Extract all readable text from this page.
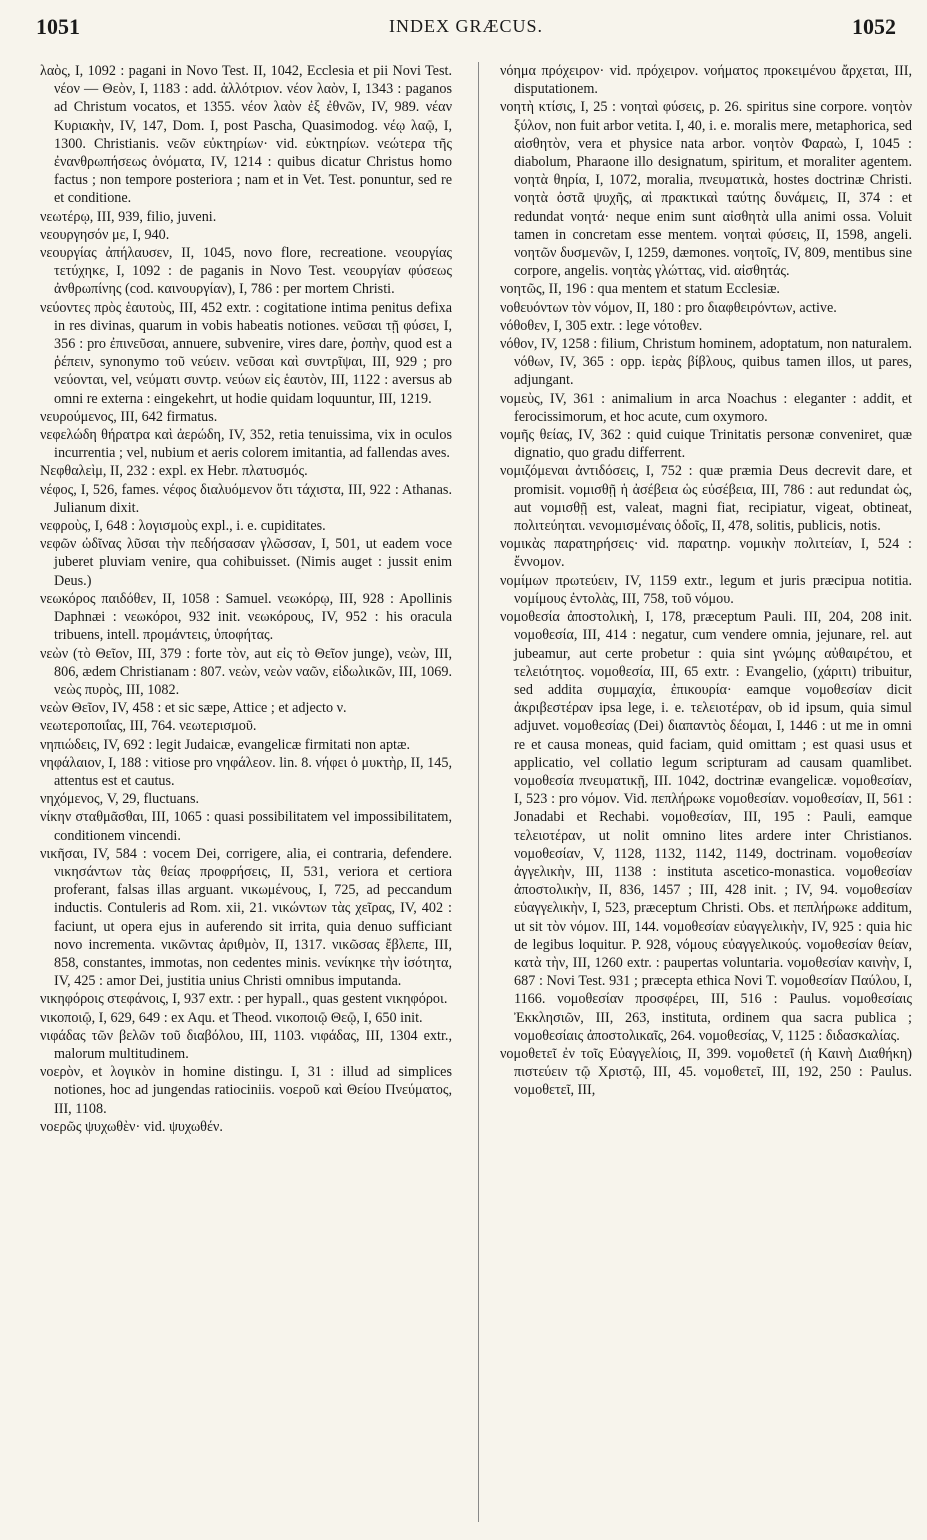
1051	INDEX GRÆCUS.	1052

λαὸς, I, 1092 : pagani in Novo Test. II, 1042, Ecclesia et pii Novi Test. νέον — Θεὸν, I, 1183 : add. ἀλλότριον. νέον λαὸν, I, 1343 : paganos ad Christum vocatos, et 1355. νέον λαὸν ἐξ ἐθνῶν, IV, 989. νέαν Κυριακὴν, IV, 147, Dom. I, post Pascha, Quasimodog. νέῳ λαῷ, I, 1300. Christianis. νεῶν εὐκτηρίων· vid. εὐκτηρίων. νεώτερα τῆς ἐνανθρωπήσεως ὀνόματα, IV, 1214 : quibus dicatur Christus homo factus ; non tempore posteriora ; nam et in Vet. Test. ponuntur, sed re et conditione.

νεωτέρῳ, III, 939, filio, juveni.

νεουργησόν με, I, 940.

νεουργίας ἀπήλαυσεν, II, 1045, novo flore, recreatione. νεουργίας τετύχηκε, I, 1092 : de paganis in Novo Test. νεουργίαν φύσεως ἀνθρωπίνης (cod. καινουργίαν), I, 786 : per mortem Christi.

νεύοντες πρὸς ἑαυτοὺς, III, 452 extr. : cogitatione intima penitus defixa in res divinas, quarum in vobis habeatis notiones. νεῦσαι τῇ φύσει, I, 356 : pro ἐπινεῦσαι, annuere, subvenire, vires dare, ῥοπὴν, quod est a ῥέπειν, synonymo τοῦ νεύειν. νεῦσαι καὶ συντρῖψαι, III, 929 ; pro νεύονται, vel, νεύματι συντρ. νεύων εἰς ἑαυτὸν, III, 1122 : aversus ab omni re externa : eingekehrt, ut hodie quidam loquuntur, III, 1219.

νευρούμενος, III, 642 firmatus.

νεφελώδη θήρατρα καὶ ἀερώδη, IV, 352, retia tenuissima, vix in oculos incurrentia ; vel, nubium et aeris colorem imitantia, ad fallendas aves.

Νεφθαλεὶμ, II, 232 : expl. ex Hebr. πλατυσμός.

νέφος, I, 526, fames. νέφος διαλυόμενον ὅτι τάχιστα, III, 922 : Athanas. Julianum dixit.

νεφροὺς, I, 648 : λογισμοὺς expl., i. e. cupiditates.

νεφῶν ὠδῖνας λῦσαι τὴν πεδήσασαν γλῶσσαν, I, 501, ut eadem voce juberet pluviam venire, qua cohibuisset. (Nimis auget : jussit enim Deus.)

νεωκόρος παιδόθεν, II, 1058 : Samuel. νεωκόρῳ, III, 928 : Apollinis Daphnæi : νεωκόροι, 932 init. νεωκόρους, IV, 952 : his oracula tribuens, intell. προμάντεις, ὑποφήτας.

νεὼν (τὸ Θεῖον, III, 379 : forte τὸν, aut εἰς τὸ Θεῖον junge), νεὼν, III, 806, ædem Christianam : 807. νεὼν, νεὼν ναῶν, εἰδωλικῶν, III, 1069. νεὼς πυρὸς, III, 1082.

νεὼν Θεῖον, IV, 458 : et sic sæpe, Attice ; et adjecto ν.

νεωτεροποιΐας, III, 764. νεωτερισμοῦ.

νηπιώδεις, IV, 692 : legit Judaicæ, evangelicæ firmitati non aptæ.

νηφάλαιον, I, 188 : vitiose pro νηφάλεον. lin. 8. νήφει ὁ μυκτὴρ, II, 145, attentus est et cautus.

νηχόμενος, V, 29, fluctuans.

νίκην σταθμᾶσθαι, III, 1065 : quasi possibilitatem vel impossibilitatem, conditionem vincendi.

νικῆσαι, IV, 584 : vocem Dei, corrigere, alia, ei contraria, defendere. νικησάντων τὰς θείας προφρήσεις, II, 531, veriora et certiora proferant, falsas illas arguant. νικωμένους, I, 725, ad peccandum inductis. Contuleris ad Rom. xii, 21. νικώντων τὰς χεῖρας, IV, 402 : faciunt, ut opera ejus in auferendo sit irrita, quia denuo sufficiant novo incrementa. νικῶντας ἀριθμὸν, II, 1317. νικῶσας ἔβλεπε, III, 858, constantes, immotas, non cedentes minis. νενίκηκε τὴν ἰσότητα, IV, 425 : amor Dei, justitia unius Christi omnibus imputanda.

νικηφόροις στεφάνοις, I, 937 extr. : per hypall., quas gestent νικηφόροι.

νικοποιῷ, I, 629, 649 : ex Aqu. et Theod. νικοποιῷ Θεῷ, I, 650 init.

νιφάδας τῶν βελῶν τοῦ διαβόλου, III, 1103. νιφάδας, III, 1304 extr., malorum multitudinem.

νοερὸν, et λογικὸν in homine distingu. I, 31 : illud ad simplices notiones, hoc ad jungendas ratiociniis. νοεροῦ καὶ Θείου Πνεύματος, III, 1108.

νοερῶς ψυχωθὲν· vid. ψυχωθέν.

νόημα πρόχειρον· vid. πρόχειρον. νοήματος προκειμένου ἄρχεται, III, disputationem.

νοητὴ κτίσις, I, 25 : νοηταὶ φύσεις, p. 26. spiritus sine corpore. νοητὸν ξύλον, non fuit arbor vetita. I, 40, i. e. moralis mere, metaphorica, sed αἰσθητὸν, vera et physice nata arbor. νοητὸν Φαραὼ, I, 1045 : diabolum, Pharaone illo designatum, spiritum, et moraliter agentem. νοητὰ θηρία, I, 1072, moralia, πνευματικὰ, hostes doctrinæ Christi. νοητὰ ὀστᾶ ψυχῆς, αἱ πρακτικαὶ ταύτης δυνάμεις, II, 374 : et redundat νοητά· neque enim sunt αἰσθητὰ ulla animi ossa. Voluit tamen in concretam esse mentem. νοηταὶ φύσεις, II, 1598, angeli. νοητῶν δυσμενῶν, I, 1259, dæmones. νοητοῖς, IV, 809, mentibus sine corpore, angelis. νοητὰς γλώττας, vid. αἰσθητάς.

νοητῶς, II, 196 : qua mentem et statum Ecclesiæ.

νοθευόντων τὸν νόμον, II, 180 : pro διαφθειρόντων, active.

νόθοθεν, I, 305 extr. : lege νότοθεν.

νόθον, IV, 1258 : filium, Christum hominem, adoptatum, non naturalem. νόθων, IV, 365 : opp. ἱερὰς βίβλους, quibus tamen illos, ut pares, adjungant.

νομεὺς, IV, 361 : animalium in arca Noachus : eleganter : addit, et ferocissimorum, et hoc acute, cum oxymoro.

νομῆς θείας, IV, 362 : quid cuique Trinitatis personæ conveniret, quæ dignatio, quo gradu differrent.

νομιζόμεναι ἀντιδόσεις, I, 752 : quæ præmia Deus decrevit dare, et promisit. νομισθῇ ἡ ἀσέβεια ὡς εὐσέβεια, III, 786 : aut redundat ὡς, aut νομισθῇ est, valeat, magni fiat, recipiatur, vigeat, obtineat, πολιτεύηται. νενομισμέναις ὁδοῖς, II, 478, solitis, publicis, notis.

νομικὰς παρατηρήσεις· vid. παρατηρ. νομικὴν πολιτείαν, I, 524 : ἔννομον.

νομίμων πρωτεύειν, IV, 1159 extr., legum et juris præcipua notitia. νομίμους ἐντολὰς, III, 758, τοῦ νόμου.

νομοθεσία ἀποστολικὴ, I, 178, præceptum Pauli. III, 204, 208 init. νομοθεσία, III, 414 : negatur, cum vendere omnia, jejunare, rel. aut jubeamur, aut certe probetur : quia sint γνώμης αὐθαιρέτου, et τελειότητος. νομοθεσία, III, 65 extr. : Evangelio, (χάριτι) tribuitur, sed addita συμμαχία, ἐπικουρία· eamque νομοθεσίαν dicit ἀκριβεστέραν ipsa lege, i. e. τελειοτέραν, ob id ipsum, quia simul adjuvet. νομοθεσίας (Dei) διαπαντὸς δέομαι, I, 1446 : ut me in omni re et causa moneas, quid faciam, quid omittam ; est quasi usus et applicatio, vel collatio legum scripturam ad causam quamlibet. νομοθεσία πνευματικῇ, III. 1042, doctrinæ evangelicæ. νομοθεσίαν, I, 523 : pro νόμον. Vid. πεπλήρωκε νομοθεσίαν. νομοθεσίαν, II, 561 : Jonadabi et Rechabi. νομοθεσίαν, III, 195 : Pauli, eamque τελειοτέραν, ut nolit omnino lites ardere inter Christianos. νομοθεσίαν, V, 1128, 1132, 1142, 1149, doctrinam. νομοθεσίαν ἀγγελικὴν, III, 1138 : instituta ascetico-monastica. νομοθεσίαν ἀποστολικὴν, II, 836, 1457 ; III, 428 init. ; IV, 94. νομοθεσίαν εὐαγγελικὴν, I, 523, præceptum Christi. Obs. et πεπλήρωκε additum, ut sit τὸν νόμον. III, 144. νομοθεσίαν εὐαγγελικὴν, IV, 925 : quia hic de legibus loquitur. P. 928, νόμους εὐαγγελικούς. νομοθεσίαν θείαν, κατὰ τὴν, III, 1260 extr. : paupertas voluntaria. νομοθεσίαν καινὴν, I, 687 : Novi Test. 931 ; præcepta ethica Novi T. νομοθεσίαν Παύλου, I, 1166. νομοθεσίαν προσφέρει, III, 516 : Paulus. νομοθεσίαις Ἐκκλησιῶν, III, 263, instituta, ordinem qua sacra publica ; νομοθεσίαις ἀποστολικαῖς, 264. νομοθεσίας, V, 1125 : διδασκαλίας.

νομοθετεῖ ἐν τοῖς Εὐαγγελίοις, II, 399. νομοθετεῖ (ἡ Καινὴ Διαθήκη) πιστεύειν τῷ Χριστῷ, III, 45. νομοθετεῖ, III, 192, 250 : Paulus. νομοθετεῖ, III,
